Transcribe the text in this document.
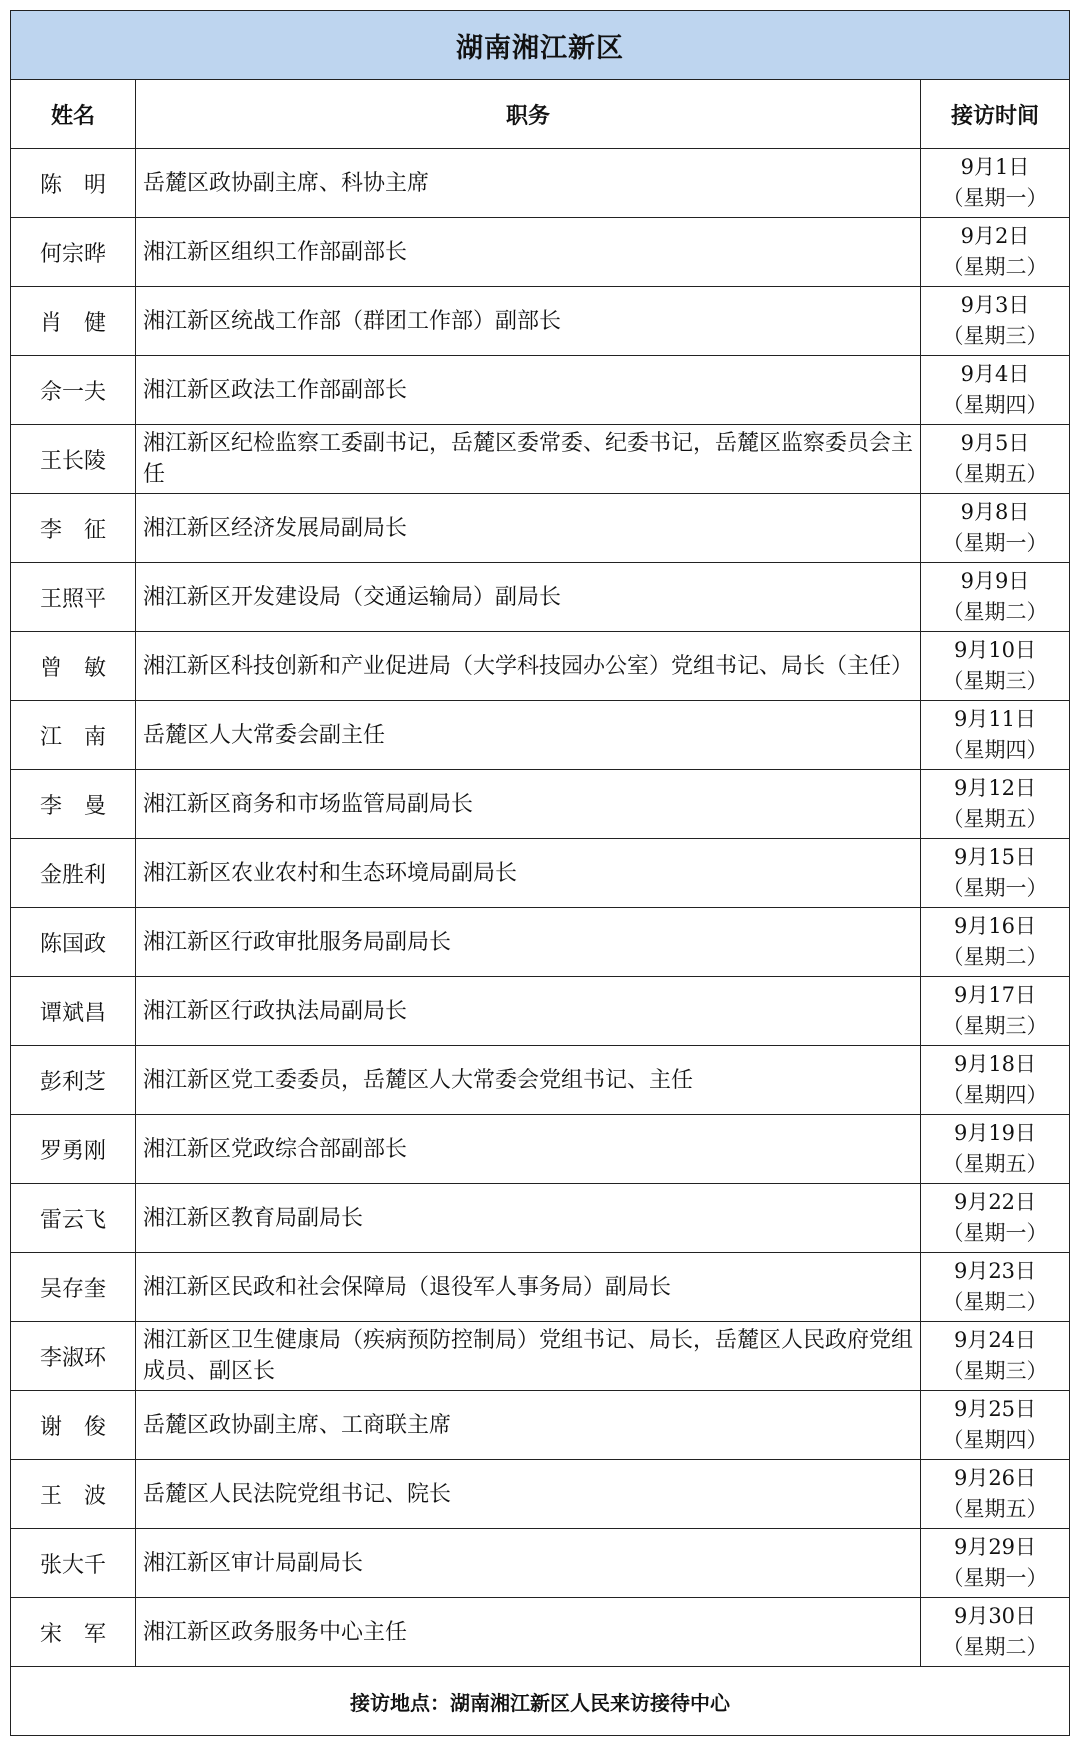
湖南湘江新区		
姓名	职务	接访时间
陈　明	岳麓区政协副主席、科协主席	9月1日
（星期一）

何宗晔	湘江新区组织工作部副部长	9月2日
（星期二）

肖　健	湘江新区统战工作部（群团工作部）副部长	9月3日
（星期三）

佘一夫	湘江新区政法工作部副部长	9月4日
（星期四）

王长陵	湘江新区纪检监察工委副书记，岳麓区委常委、纪委书记，岳麓区监察委员会主任	9月5日
（星期五）

李　征	湘江新区经济发展局副局长	9月8日
（星期一）

王照平	湘江新区开发建设局（交通运输局）副局长	9月9日
（星期二）

曾　敏	湘江新区科技创新和产业促进局（大学科技园办公室）党组书记、局长（主任）	9月10日
（星期三）

江　南	岳麓区人大常委会副主任	9月11日
（星期四）

李　曼	湘江新区商务和市场监管局副局长	9月12日
（星期五）

金胜利	湘江新区农业农村和生态环境局副局长	9月15日
（星期一）

陈国政	湘江新区行政审批服务局副局长	9月16日
（星期二）

谭斌昌	湘江新区行政执法局副局长	9月17日
（星期三）

彭利芝	湘江新区党工委委员，岳麓区人大常委会党组书记、主任	9月18日
（星期四）

罗勇刚	湘江新区党政综合部副部长	9月19日
（星期五）

雷云飞	湘江新区教育局副局长	9月22日
（星期一）

吴存奎	湘江新区民政和社会保障局（退役军人事务局）副局长	9月23日
（星期二）

李淑环	湘江新区卫生健康局（疾病预防控制局）党组书记、局长，岳麓区人民政府党组成员、副区长	9月24日
（星期三）

谢　俊	岳麓区政协副主席、工商联主席	9月25日
（星期四）

王　波	岳麓区人民法院党组书记、院长	9月26日
（星期五）

张大千	湘江新区审计局副局长	9月29日
（星期一）

宋　军	湘江新区政务服务中心主任	9月30日
（星期二）

接访地点：湖南湘江新区人民来访接待中心		
